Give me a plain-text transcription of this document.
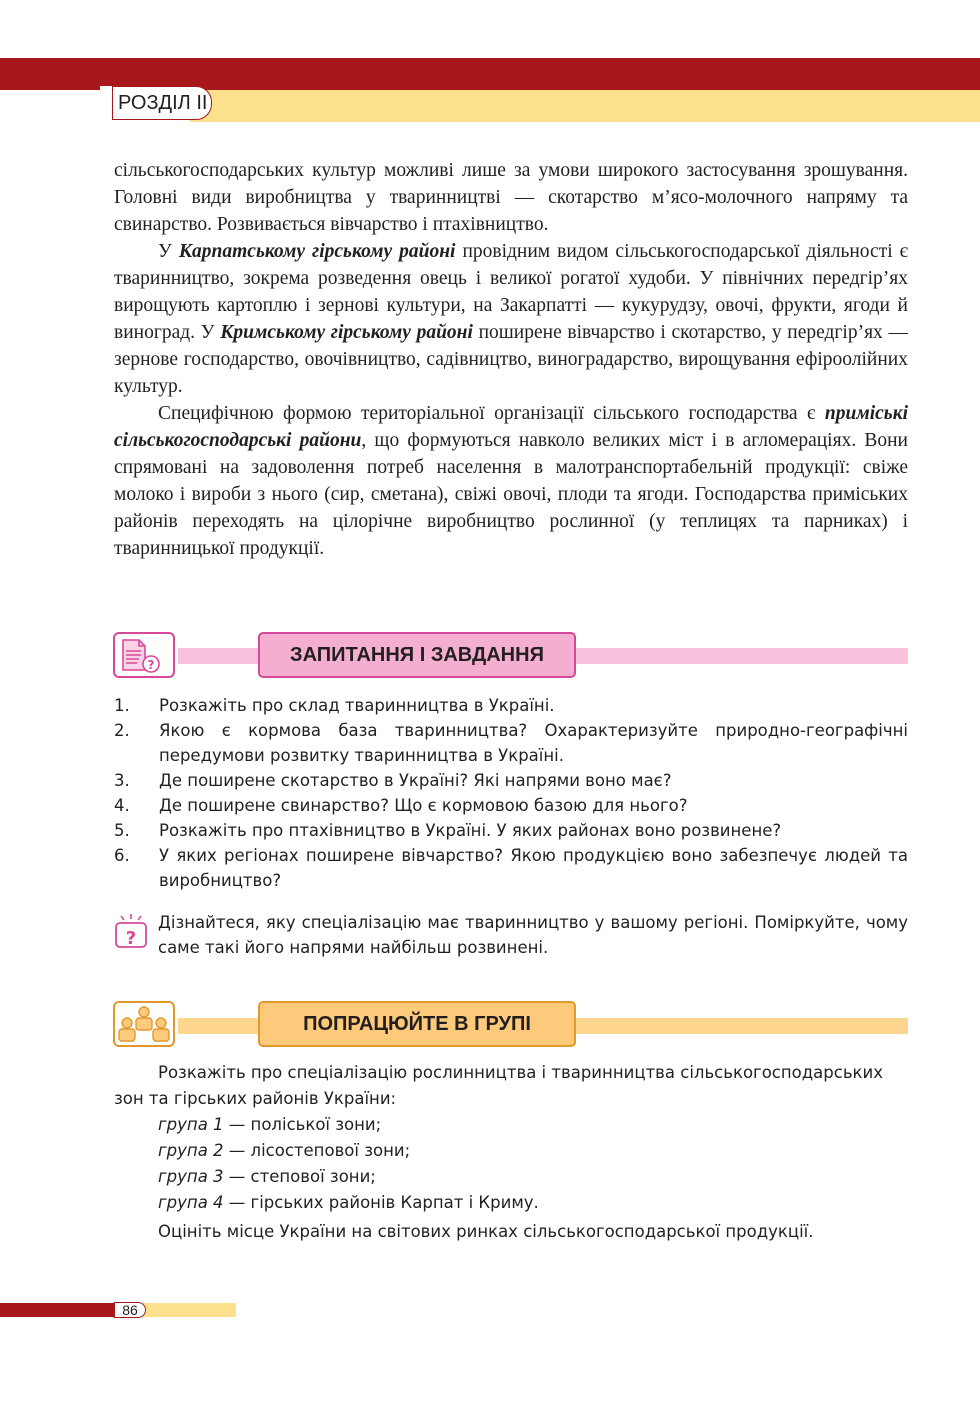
РОЗДІЛ II

сільськогосподарських культур можливі лише за умови широкого застосування зрошування. Головні види виробництва у тваринництві — скотарство м’ясо-молочного напряму та свинарство. Розвивається вівчарство і птахівництво.

У Карпатському гірському районі провідним видом сільськогосподарської діяльності є тваринництво, зокрема розведення овець і великої рогатої худоби. У північних передгір’ях вирощують картоплю і зернові культури, на Закарпатті — кукурудзу, овочі, фрукти, ягоди й виноград. У Кримському гірському районі поширене вівчарство і скотарство, у передгір’ях — зернове господарство, овочівництво, садівництво, виноградарство, вирощування ефіроолійних культур.

Специфічною формою територіальної організації сільського господарства є приміські сільськогосподарські райони, що формуються навколо великих міст і в агломераціях. Вони спрямовані на задоволення потреб населення в малотранспортабельній продукції: свіже молоко і вироби з нього (сир, сметана), свіжі овочі, плоди та ягоди. Господарства приміських районів переходять на цілорічне виробництво рослинної (у теплицях та парниках) і тваринницької продукції.

?	ЗАПИТАННЯ І ЗАВДАННЯ
1.	Розкажіть про склад тваринництва в Україні.
2.	Якою є кормова база тваринництва? Охарактеризуйте природно-географічні передумови розвитку тваринництва в Україні.
3.	Де поширене скотарство в Україні? Які напрями воно має?
4.	Де поширене свинарство? Що є кормовою базою для нього?
5.	Розкажіть про птахівництво в Україні. У яких районах воно розвинене?
6.	У яких регіонах поширене вівчарство? Якою продукцією воно забезпечує людей та виробництво?
?

Дізнайтеся, яку спеціалізацію має тваринництво у вашому регіоні. Поміркуйте, чому саме такі його напрями найбільш розвинені.

ПОПРАЦЮЙТЕ В ГРУПІ

Розкажіть про спеціалізацію рослинництва і тваринництва сільськогосподарських зон та гірських районів України:

група 1 — поліської зони;

група 2 — лісостепової зони;

група 3 — степової зони;

група 4 — гірських районів Карпат і Криму.

Оцініть місце України на світових ринках сільськогосподарської продукції.

86
